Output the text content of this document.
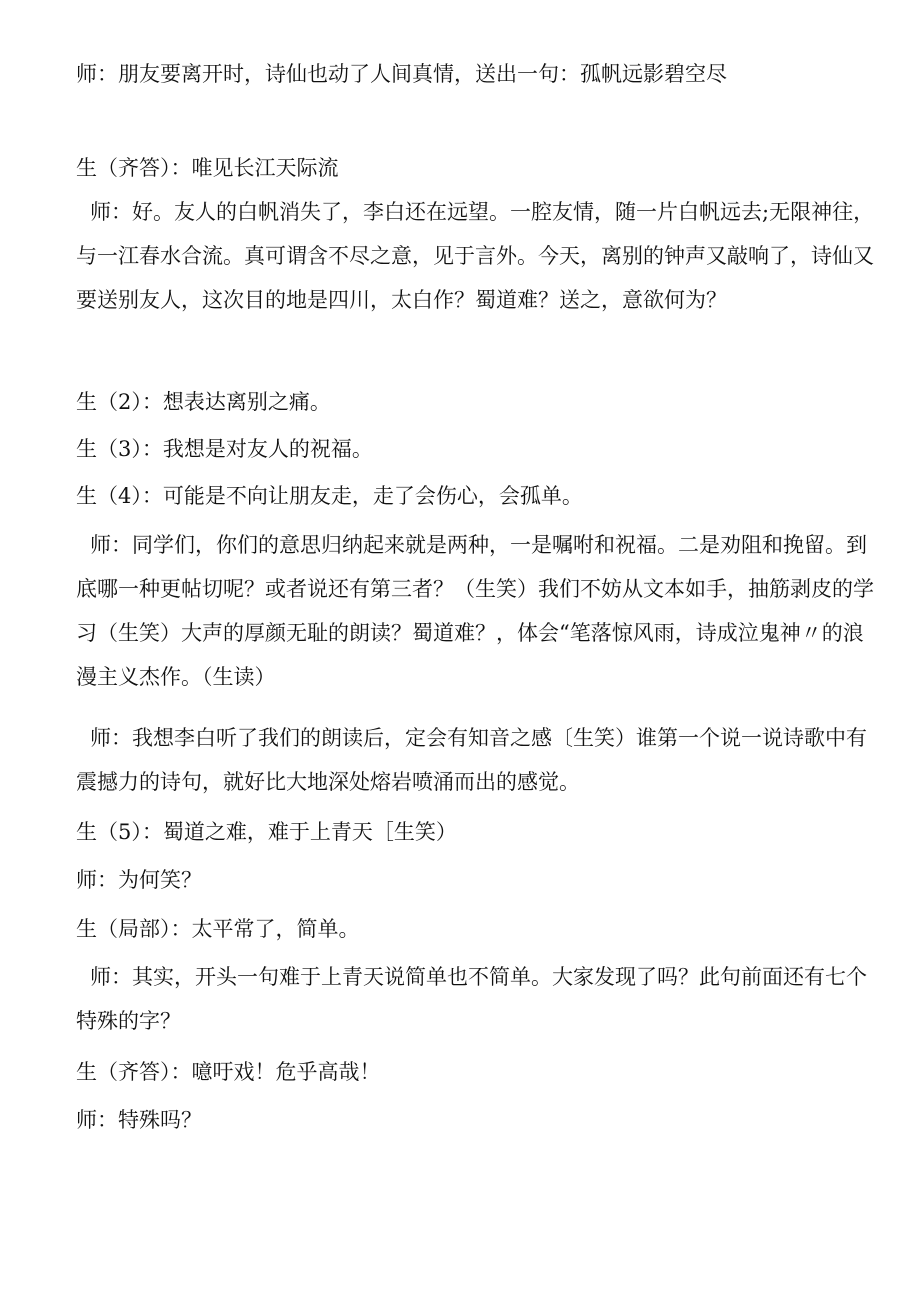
师：朋友要离开时，诗仙也动了人间真情，送出一句：孤帆远影碧空尽

生（齐答）：唯见长江天际流

师：好。友人的白帆消失了，李白还在远望。一腔友情，随一片白帆远去;无限神往，与一江春水合流。真可谓含不尽之意，见于言外。今天，离别的钟声又敲响了，诗仙又要送别友人，这次目的地是四川，太白作？蜀道难？送之，意欲何为？

生（2）：想表达离别之痛。

生（3）：我想是对友人的祝福。

生（4）：可能是不向让朋友走，走了会伤心，会孤单。

师：同学们，你们的意思归纳起来就是两种，一是嘱咐和祝福。二是劝阻和挽留。到底哪一种更帖切呢？或者说还有第三者？（生笑）我们不妨从文本如手，抽筋剥皮的学习（生笑）大声的厚颜无耻的朗读？蜀道难？，体会“笔落惊风雨，诗成泣鬼神〃的浪漫主义杰作。（生读）

师：我想李白听了我们的朗读后，定会有知音之感〔生笑）谁第一个说一说诗歌中有震撼力的诗句，就好比大地深处熔岩喷涌而出的感觉。

生（5）：蜀道之难，难于上青天［生笑）

师：为何笑？

生（局部）：太平常了，简单。

师：其实，开头一句难于上青天说简单也不简单。大家发现了吗？此句前面还有七个特殊的字？

生（齐答）：噫吁戏！危乎高哉！

师：特殊吗？
